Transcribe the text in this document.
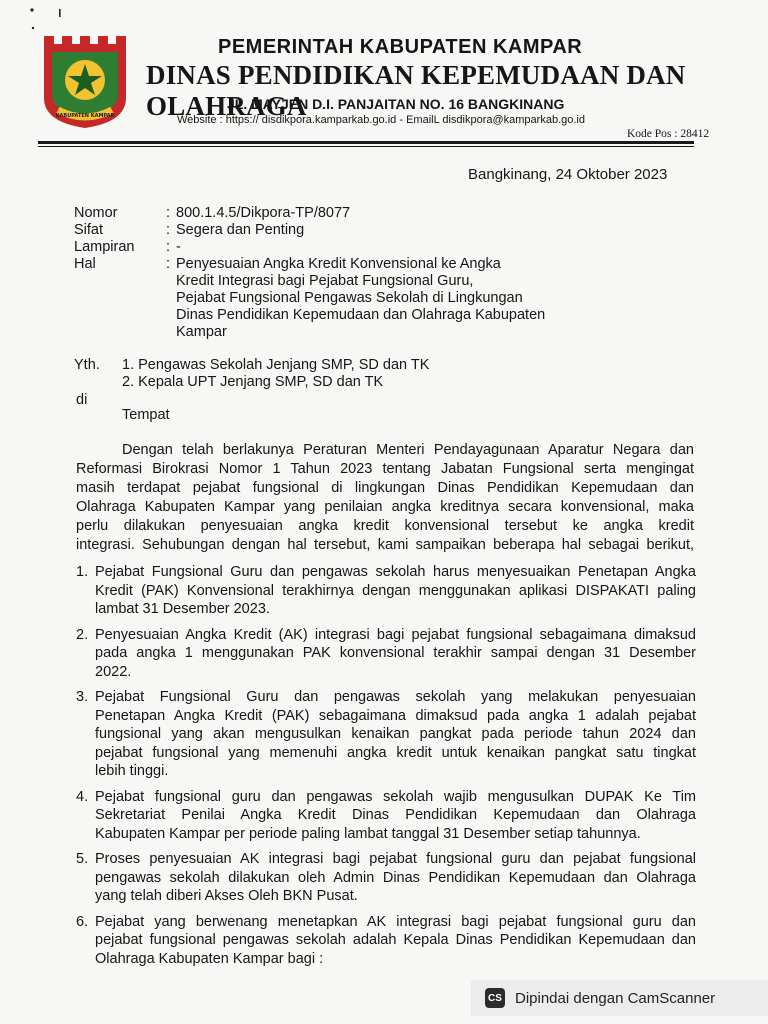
KABUPATEN KAMPAR
PEMERINTAH KABUPATEN KAMPAR
DINAS PENDIDIKAN KEPEMUDAAN DAN OLAHRAGA
JL. MAYJEN D.I. PANJAITAN NO. 16 BANGKINANG
Website : https:// disdikpora.kamparkab.go.id - EmailL disdikpora@kamparkab.go.id
Kode Pos : 28412
Bangkinang, 24 Oktober 2023
Nomor	: 800.1.4.5/Dikpora-TP/8077
Sifat	: Segera dan Penting
Lampiran	: -
Hal	: Penyesuaian Angka Kredit Konvensional ke Angka
Kredit Integrasi bagi Pejabat Fungsional Guru,
Pejabat Fungsional Pengawas Sekolah di Lingkungan
Dinas Pendidikan Kepemudaan dan Olahraga Kabupaten
Kampar
Yth. 1. Pengawas Sekolah Jenjang SMP, SD dan TK
2. Kepala UPT Jenjang SMP, SD dan TK
di
Tempat
Dengan telah berlakunya Peraturan Menteri Pendayagunaan Aparatur Negara dan
Reformasi Birokrasi Nomor 1 Tahun 2023 tentang Jabatan Fungsional serta mengingat
masih terdapat pejabat fungsional di lingkungan Dinas Pendidikan Kepemudaan dan
Olahraga Kabupaten Kampar yang penilaian angka kreditnya secara konvensional, maka
perlu dilakukan penyesuaian angka kredit konvensional tersebut ke angka kredit
integrasi. Sehubungan dengan hal tersebut, kami sampaikan beberapa hal sebagai berikut,
1. Pejabat Fungsional Guru dan pengawas sekolah harus menyesuaikan Penetapan Angka
Kredit (PAK) Konvensional terakhirnya dengan menggunakan aplikasi DISPAKATI paling
lambat 31 Desember 2023.
2. Penyesuaian Angka Kredit (AK) integrasi bagi pejabat fungsional sebagaimana dimaksud
pada angka 1 menggunakan PAK konvensional terakhir sampai dengan 31 Desember
2022.
3. Pejabat Fungsional Guru dan pengawas sekolah yang melakukan penyesuaian
Penetapan Angka Kredit (PAK) sebagaimana dimaksud pada angka 1 adalah pejabat
fungsional yang akan mengusulkan kenaikan pangkat pada periode tahun 2024 dan
pejabat fungsional yang memenuhi angka kredit untuk kenaikan pangkat satu tingkat
lebih tinggi.
4. Pejabat fungsional guru dan pengawas sekolah wajib mengusulkan DUPAK Ke Tim
Sekretariat Penilai Angka Kredit Dinas Pendidikan Kepemudaan dan Olahraga
Kabupaten Kampar per periode paling lambat tanggal 31 Desember setiap tahunnya.
5. Proses penyesuaian AK integrasi bagi pejabat fungsional guru dan pejabat fungsional
pengawas sekolah dilakukan oleh Admin Dinas Pendidikan Kepemudaan dan Olahraga
yang telah diberi Akses Oleh BKN Pusat.
6. Pejabat yang berwenang menetapkan AK integrasi bagi pejabat fungsional guru dan
pejabat fungsional pengawas sekolah adalah Kepala Dinas Pendidikan Kepemudaan dan
Olahraga Kabupaten Kampar bagi :
CS Dipindai dengan CamScanner
